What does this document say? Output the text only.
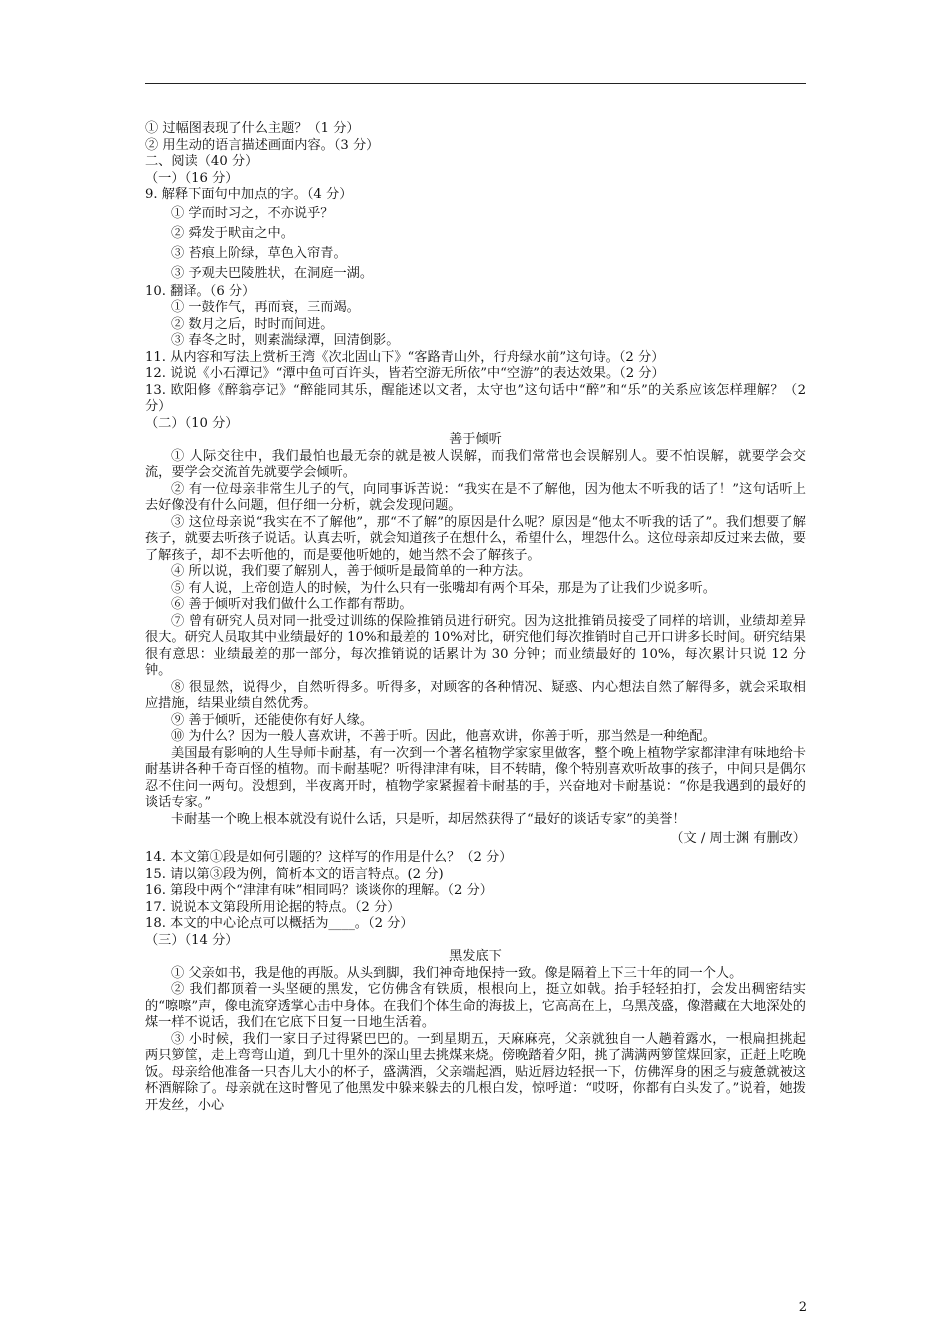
① 过幅图表现了什么主题？（1 分）
② 用生动的语言描述画面内容。（3 分）
二、阅读（40 分）
（一）（16 分）
9. 解释下面句中加点的字。（4 分）
① 学而时习之，不亦说乎？
② 舜发于畎亩之中。
③ 苔痕上阶绿，草色入帘青。
③ 予观夫巴陵胜状，在洞庭一湖。
10. 翻译。（6 分）
① 一鼓作气，再而衰，三而竭。
② 数月之后，时时而间进。
③ 春冬之时，则素湍绿潭，回清倒影。
11. 从内容和写法上赏析王湾《次北固山下》“客路青山外，行舟绿水前”这句诗。（2 分）
12. 说说《小石潭记》“潭中鱼可百许头，皆若空游无所依”中“空游”的表达效果。（2 分）
13. 欧阳修《醉翁亭记》“醉能同其乐，醒能述以文者，太守也”这句话中“醉”和“乐”的关系应该怎样理解？（2 分）
（二）（10 分）
善于倾听
① 人际交往中，我们最怕也最无奈的就是被人误解，而我们常常也会误解别人。要不怕误解，就要学会交流，要学会交流首先就要学会倾听。
② 有一位母亲非常生儿子的气，向同事诉苦说：“我实在是不了解他，因为他太不听我的话了！”这句话听上去好像没有什么问题，但仔细一分析，就会发现问题。
③ 这位母亲说“我实在不了解他”，那“不了解”的原因是什么呢？原因是“他太不听我的话了”。我们想要了解孩子，就要去听孩子说话。认真去听，就会知道孩子在想什么，希望什么，埋怨什么。这位母亲却反过来去做，要了解孩子，却不去听他的，而是要他听她的，她当然不会了解孩子。
④ 所以说，我们要了解别人，善于倾听是最简单的一种方法。
⑤ 有人说，上帝创造人的时候，为什么只有一张嘴却有两个耳朵，那是为了让我们少说多听。
⑥ 善于倾听对我们做什么工作都有帮助。
⑦ 曾有研究人员对同一批受过训练的保险推销员进行研究。因为这批推销员接受了同样的培训，业绩却差异很大。研究人员取其中业绩最好的 10%和最差的 10%对比，研究他们每次推销时自己开口讲多长时间。研究结果很有意思：业绩最差的那一部分，每次推销说的话累计为 30 分钟；而业绩最好的 10%，每次累计只说 12 分钟。
⑧ 很显然，说得少，自然听得多。听得多，对顾客的各种情况、疑惑、内心想法自然了解得多，就会采取相应措施，结果业绩自然优秀。
⑨ 善于倾听，还能使你有好人缘。
⑩ 为什么？因为一般人喜欢讲，不善于听。因此，他喜欢讲，你善于听，那当然是一种绝配。
美国最有影响的人生导师卡耐基，有一次到一个著名植物学家家里做客，整个晚上植物学家都津津有味地给卡耐基讲各种千奇百怪的植物。而卡耐基呢？听得津津有味，目不转睛，像个特别喜欢听故事的孩子，中间只是偶尔忍不住问一两句。没想到，半夜离开时，植物学家紧握着卡耐基的手，兴奋地对卡耐基说：“你是我遇到的最好的谈话专家。”
卡耐基一个晚上根本就没有说什么话，只是听，却居然获得了“最好的谈话专家”的美誉！
（文 / 周士渊 有删改）
14. 本文第①段是如何引题的？这样写的作用是什么？（2 分）
15. 请以第③段为例，简析本文的语言特点。(2 分)
16. 第段中两个“津津有味”相同吗？谈谈你的理解。（2 分）
17. 说说本文第段所用论据的特点。（2 分）
18. 本文的中心论点可以概括为____。（2 分）
（三）（14 分）
黑发底下
① 父亲如书，我是他的再版。从头到脚，我们神奇地保持一致。像是隔着上下三十年的同一个人。
② 我们都顶着一头坚硬的黑发，它仿佛含有铁质，根根向上，挺立如戟。抬手轻轻拍打，会发出稠密结实的“嚓嚓”声，像电流穿透掌心击中身体。在我们个体生命的海拔上，它高高在上，乌黑茂盛，像潜藏在大地深处的煤一样不说话，我们在它底下日复一日地生活着。
③ 小时候，我们一家日子过得紧巴巴的。一到星期五，天麻麻亮，父亲就独自一人趟着露水，一根扁担挑起两只箩筐，走上弯弯山道，到几十里外的深山里去挑煤来烧。傍晚踏着夕阳，挑了满满两箩筐煤回家，正赶上吃晚饭。母亲给他准备一只杏儿大小的杯子，盛满酒，父亲端起酒，贴近唇边轻抿一下，仿佛浑身的困乏与疲惫就被这杯酒解除了。母亲就在这时瞥见了他黑发中躲来躲去的几根白发，惊呼道：“哎呀，你都有白头发了。”说着，她拨开发丝，小心
2
